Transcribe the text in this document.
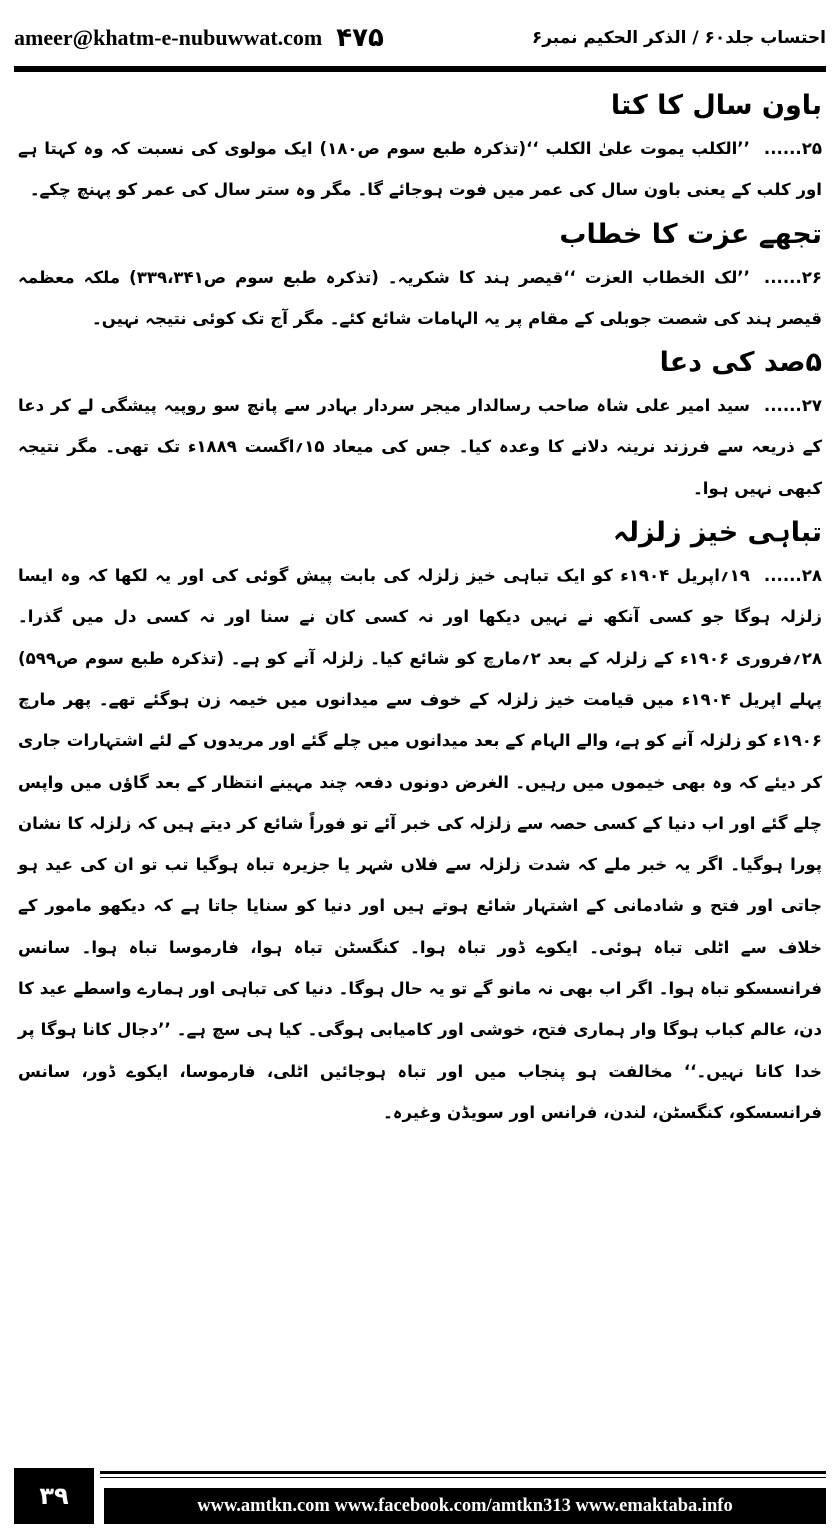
ameer@khatm-e-nubuwwat.com ۴۷۵	احتساب جلد۶۰ / الذکر الحکیم نمبر۶
باون سال کا کتا

۲۵......’’الکلب یموت علیٰ الکلب ‘‘(تذکرہ طبع سوم ص۱۸۰) ایک مولوی کی نسبت کہ وہ کہتا ہے اور کلب کے یعنی باون سال کی عمر میں فوت ہوجائے گا۔ مگر وہ ستر سال کی عمر کو پہنچ چکے۔

تجھے عزت کا خطاب

۲۶......’’لک الخطاب العزت ‘‘قیصر ہند کا شکریہ۔ (تذکرہ طبع سوم ص۳۳۹،۳۴۱) ملکہ معظمہ قیصر ہند کی شصت جوبلی کے مقام پر یہ الہامات شائع کئے۔ مگر آج تک کوئی نتیجہ نہیں۔

۵صد کی دعا

۲۷......سید امیر علی شاہ صاحب رسالدار میجر سردار بہادر سے پانچ سو روپیہ پیشگی لے کر دعا کے ذریعہ سے فرزند نرینہ دلانے کا وعدہ کیا۔ جس کی میعاد ۱۵؍اگست ۱۸۸۹ء تک تھی۔ مگر نتیجہ کبھی نہیں ہوا۔

تباہی خیز زلزلہ

۲۸......۱۹؍اپریل ۱۹۰۴ء کو ایک تباہی خیز زلزلہ کی بابت پیش گوئی کی اور یہ لکھا کہ وہ ایسا زلزلہ ہوگا جو کسی آنکھ نے نہیں دیکھا اور نہ کسی کان نے سنا اور نہ کسی دل میں گذرا۔ ۲۸؍فروری ۱۹۰۶ء کے زلزلہ کے بعد ۲؍مارچ کو شائع کیا۔ زلزلہ آنے کو ہے۔ (تذکرہ طبع سوم ص۵۹۹) پہلے اپریل ۱۹۰۴ء میں قیامت خیز زلزلہ کے خوف سے میدانوں میں خیمہ زن ہوگئے تھے۔ پھر مارچ ۱۹۰۶ء کو زلزلہ آنے کو ہے، والے الہام کے بعد میدانوں میں چلے گئے اور مریدوں کے لئے اشتہارات جاری کر دیئے کہ وہ بھی خیموں میں رہیں۔ الغرض دونوں دفعہ چند مہینے انتظار کے بعد گاؤں میں واپس چلے گئے اور اب دنیا کے کسی حصہ سے زلزلہ کی خبر آئے تو فوراً شائع کر دیتے ہیں کہ زلزلہ کا نشان پورا ہوگیا۔ اگر یہ خبر ملے کہ شدت زلزلہ سے فلاں شہر یا جزیرہ تباہ ہوگیا تب تو ان کی عید ہو جاتی اور فتح و شادمانی کے اشتہار شائع ہوتے ہیں اور دنیا کو سنایا جاتا ہے کہ دیکھو مامور کے خلاف سے اٹلی تباہ ہوئی۔ ایکوے ڈور تباہ ہوا۔ کنگسٹن تباہ ہوا، فارموسا تباہ ہوا۔ سانس فرانسسکو تباہ ہوا۔ اگر اب بھی نہ مانو گے تو یہ حال ہوگا۔ دنیا کی تباہی اور ہمارے واسطے عید کا دن، عالم کباب ہوگا وار ہماری فتح، خوشی اور کامیابی ہوگی۔ کیا ہی سچ ہے۔ ’’دجال کانا ہوگا پر خدا کانا نہیں۔‘‘ مخالفت ہو پنجاب میں اور تباہ ہوجائیں اٹلی، فارموسا، ایکوے ڈور، سانس فرانسسکو، کنگسٹن، لندن، فرانس اور سویڈن وغیرہ۔

۳۹	www.amtkn.com www.facebook.com/amtkn313 www.emaktaba.info
